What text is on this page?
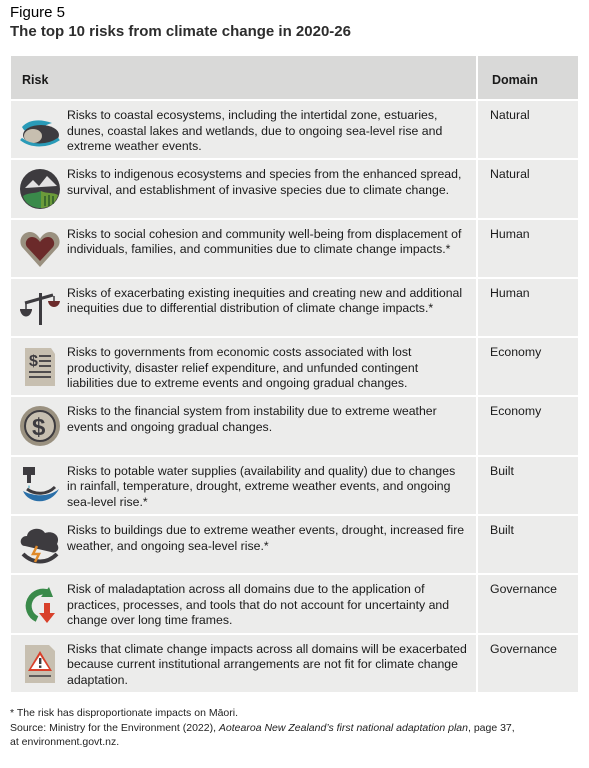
Figure 5
The top 10 risks from climate change in 2020-26
Risk	Domain
Risks to coastal ecosystems, including the intertidal zone, estuaries, dunes, coastal lakes and wetlands, due to ongoing sea-level rise and extreme weather events.
Natural
Risks to indigenous ecosystems and species from the enhanced spread, survival, and establishment of invasive species due to climate change.
Natural
Risks to social cohesion and community well-being from displacement of individuals, families, and communities due to climate change impacts.*
Human
Risks of exacerbating existing inequities and creating new and additional inequities due to differential distribution of climate change impacts.*
Human
$
Risks to governments from economic costs associated with lost productivity, disaster relief expenditure, and unfunded contingent liabilities due to extreme events and ongoing gradual changes.
Economy
$
Risks to the financial system from instability due to extreme weather events and ongoing gradual changes.
Economy
Risks to potable water supplies (availability and quality) due to changes in rainfall, temperature, drought, extreme weather events, and ongoing sea-level rise.*
Built
Risks to buildings due to extreme weather events, drought, increased fire weather, and ongoing sea-level rise.*
Built
Risk of maladaptation across all domains due to the application of practices, processes, and tools that do not account for uncertainty and change over long time frames.
Governance
Risks that climate change impacts across all domains will be exacerbated because current institutional arrangements are not fit for climate change adaptation.
Governance
* The risk has disproportionate impacts on Māori.
Source: Ministry for the Environment (2022), Aotearoa New Zealand’s first national adaptation plan, page 37,
at environment.govt.nz.
